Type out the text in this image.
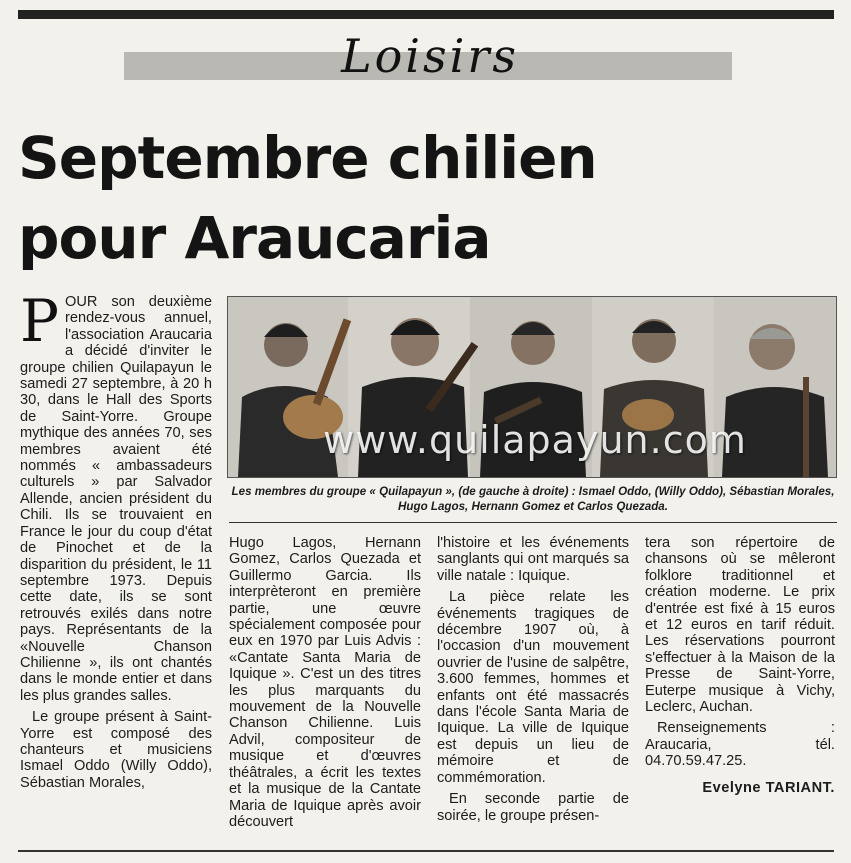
Loisirs
Septembre chilien
pour Araucaria

P OUR son deuxième rendez-vous annuel, l'association Araucaria a décidé d'inviter le groupe chilien Quilapayun le samedi 27 septembre, à 20 h 30, dans le Hall des Sports de Saint-Yorre. Groupe mythique des années 70, ses membres avaient été nommés « ambassadeurs culturels » par Salvador Allende, ancien président du Chili. Ils se trouvaient en France le jour du coup d'état de Pinochet et de la disparition du président, le 11 septembre 1973. Depuis cette date, ils se sont retrouvés exilés dans notre pays. Représentants de la «Nouvelle Chanson Chilienne », ils ont chantés dans le monde entier et dans les plus grandes salles.

Le groupe présent à Saint-Yorre est composé des chanteurs et musiciens Ismael Oddo (Willy Oddo), Sébastian Morales,

www.quilapayun.com
Les membres du groupe « Quilapayun », (de gauche à droite) : Ismael Oddo, (Willy Oddo), Sébastian Morales, Hugo Lagos, Hernann Gomez et Carlos Quezada.

Hugo Lagos, Hernann Gomez, Carlos Quezada et Guillermo Garcia. Ils interprèteront en première partie, une œuvre spécialement composée pour eux en 1970 par Luis Advis : «Cantate Santa Maria de Iquique ». C'est un des titres les plus marquants du mouvement de la Nouvelle Chanson Chilienne. Luis Advil, compositeur de musique et d'œuvres théâtrales, a écrit les textes et la musique de la Cantate Maria de Iquique après avoir découvert

l'histoire et les événements sanglants qui ont marqués sa ville natale : Iquique.

La pièce relate les événements tragiques de décembre 1907 où, à l'occasion d'un mouvement ouvrier de l'usine de salpêtre, 3.600 femmes, hommes et enfants ont été massacrés dans l'école Santa Maria de Iquique. La ville de Iquique est depuis un lieu de mémoire et de commémoration.

En seconde partie de soirée, le groupe présen-

tera son répertoire de chansons où se mêleront folklore traditionnel et création moderne. Le prix d'entrée est fixé à 15 euros et 12 euros en tarif réduit. Les réservations pourront s'effectuer à la Maison de la Presse de Saint-Yorre, Euterpe musique à Vichy, Leclerc, Auchan.

Renseignements : Araucaria, tél. 04.70.59.47.25.

Evelyne TARIANT.
